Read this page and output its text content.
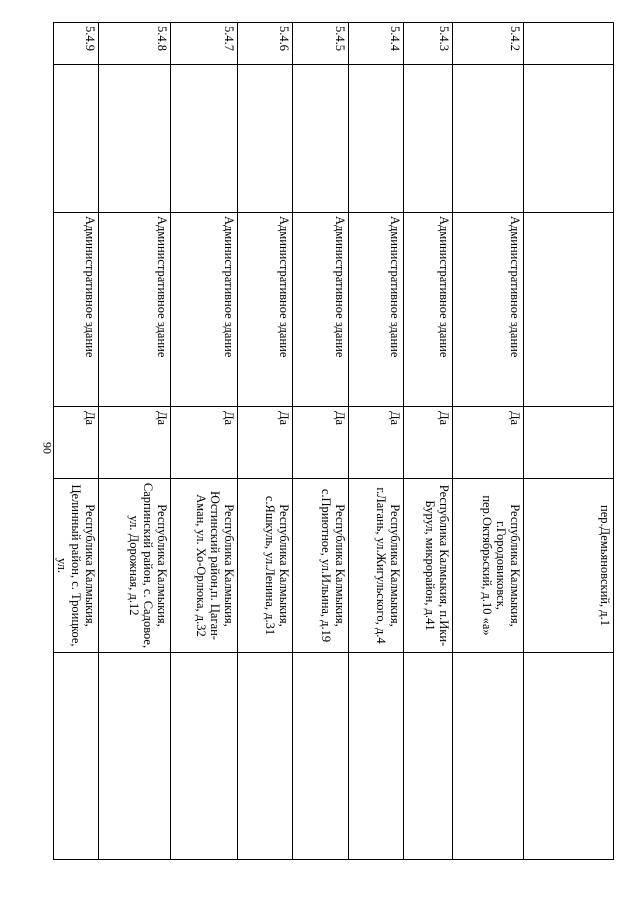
90
				пер.Демьяновский, д.1	
5.4.2		Административное здание	Да	Республика Калмыкия, г.Городовиковск, пер.Октябрьский, д.10 «а»	
5.4.3		Административное здание	Да	Республика Калмыкия, п.Ики-Бурул, микрорайон, д.41	
5.4.4		Административное здание	Да	Республика Калмыкия, г.Лагань, ул.Жигульского, д.4	
5.4.5		Административное здание	Да	Республика Калмыкия, с.Приютное, ул.Ильина, д.19	
5.4.6		Административное здание	Да	Республика Калмыкия, с.Яшкуль, ул.Ленина, д.31	
5.4.7		Административное здание	Да	Республика Калмыкия, Юстинский район,п. Цаган-Аман, ул. Хо-Орлюка, д.32	
5.4.8		Административное здание	Да	Республика Калмыкия, Сарпинский район, с. Садовое, ул. Дорожная, д.12	
5.4.9		Административное здание	Да	Республика Калмыкия, Целинный район, с. Троицкое, ул.	
